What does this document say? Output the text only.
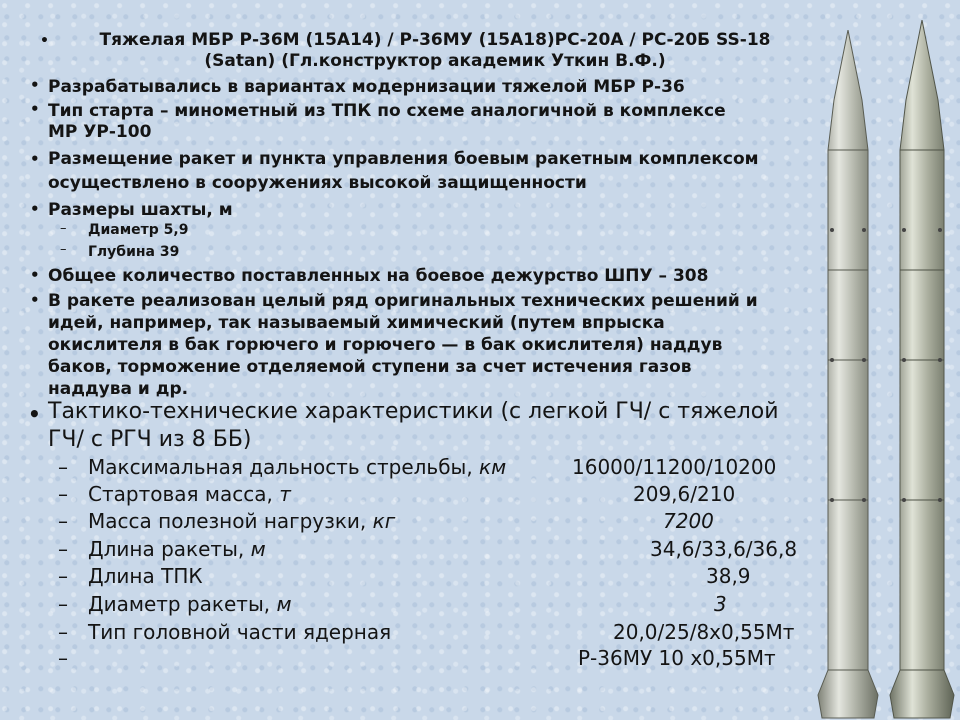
•	Тяжелая МБР Р-36М (15А14) / Р-36МУ (15А18)РС-20А / РС-20Б SS-18
(Satan) (Гл.конструктор академик Уткин В.Ф.)
• Разрабатывались в вариантах модернизации тяжелой МБР Р-36
• Тип старта – минометный из ТПК по схеме аналогичной в комплексе
МР УР-100
• Размещение ракет и пункта управления боевым ракетным комплексом
осуществлено в сооружениях высокой защищенности
• Размеры шахты, м
– Диаметр 5,9
– Глубина 39
• Общее количество поставленных на боевое дежурство ШПУ – 308
• В ракете реализован целый ряд оригинальных технических решений и
идей, например, так называемый химический (путем впрыска
окислителя в бак горючего и горючего — в бак окислителя) наддув
баков, торможение отделяемой ступени за счет истечения газов
наддува и др.
• Тактико-технические характеристики (с легкой ГЧ/ с тяжелой
ГЧ/ с РГЧ из 8 ББ)
– Максимальная дальность стрельбы, км	16000/11200/10200
– Стартовая масса, т	209,6/210
– Масса полезной нагрузки, кг	7200
– Длина ракеты, м	34,6/33,6/36,8
– Длина ТПК	38,9
– Диаметр ракеты, м	3
– Тип головной части ядерная	20,0/25/8х0,55Мт
–	Р-36МУ 10 х0,55Мт
